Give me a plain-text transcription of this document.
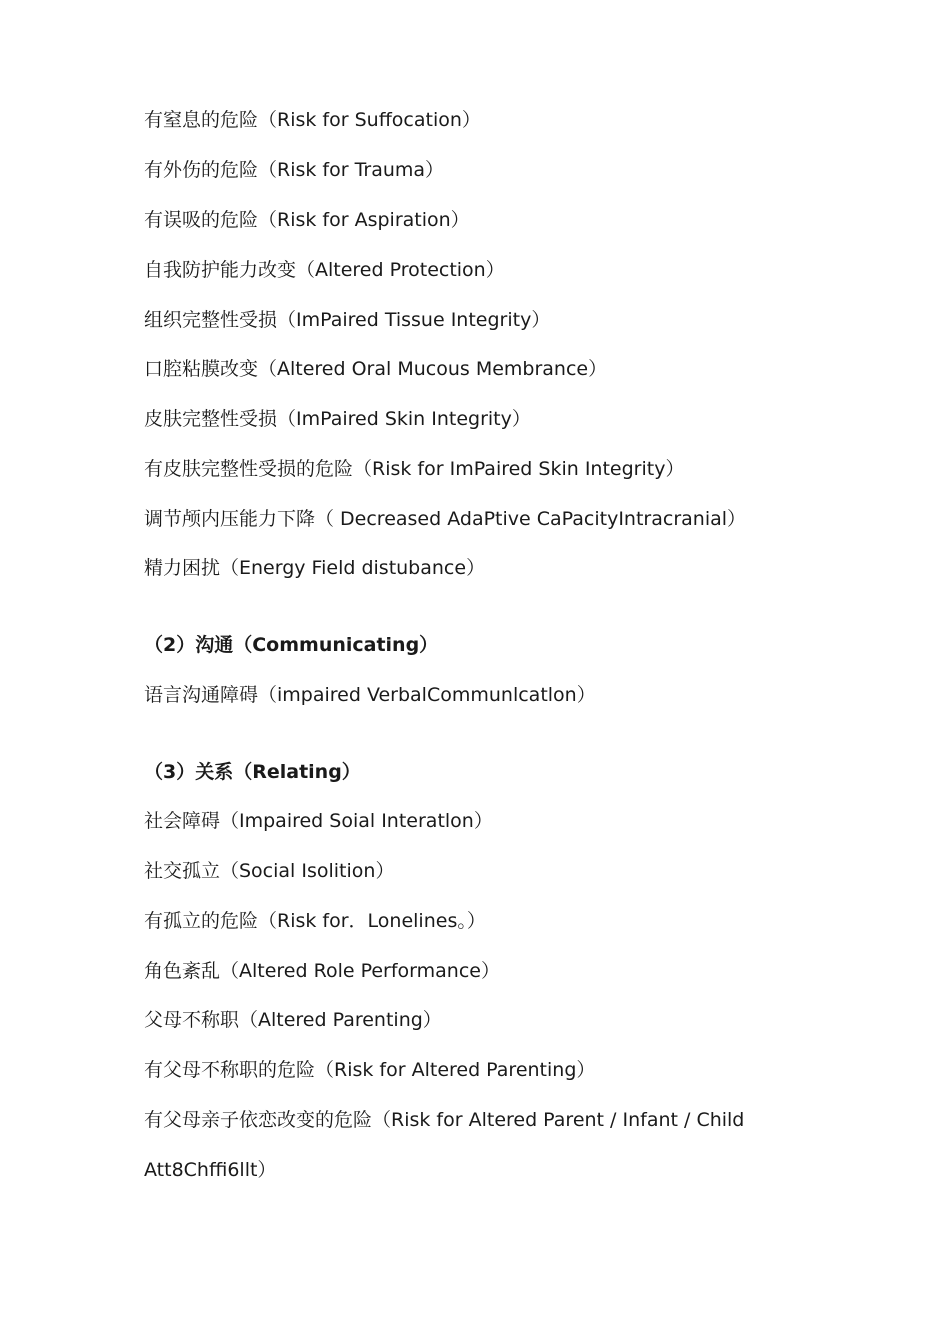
有窒息的危险（Risk for Suffocation）
有外伤的危险（Risk for Trauma）
有误吸的危险（Risk for Aspiration）
自我防护能力改变（Altered Protection）
组织完整性受损（ImPaired Tissue Integrity）
口腔粘膜改变（Altered Oral Mucous Membrance）
皮肤完整性受损（ImPaired Skin Integrity）
有皮肤完整性受损的危险（Risk for ImPaired Skin Integrity）
调节颅内压能力下降（ Decreased AdaPtive CaPacityIntracranial）
精力困扰（Energy Field distubance）
（2）沟通（Communicating）
语言沟通障碍（impaired VerbalCommunlcatlon）
（3）关系（Relating）
社会障碍（Impaired Soial Interatlon）
社交孤立（Social Isolition）
有孤立的危险（Risk for．Lonelines。）
角色紊乱（Altered Role Performance）
父母不称职（Altered Parenting）
有父母不称职的危险（Risk for Altered Parenting）
有父母亲子依恋改变的危险（Risk for Altered Parent / Infant / Child
Att8Chffi6llt）
